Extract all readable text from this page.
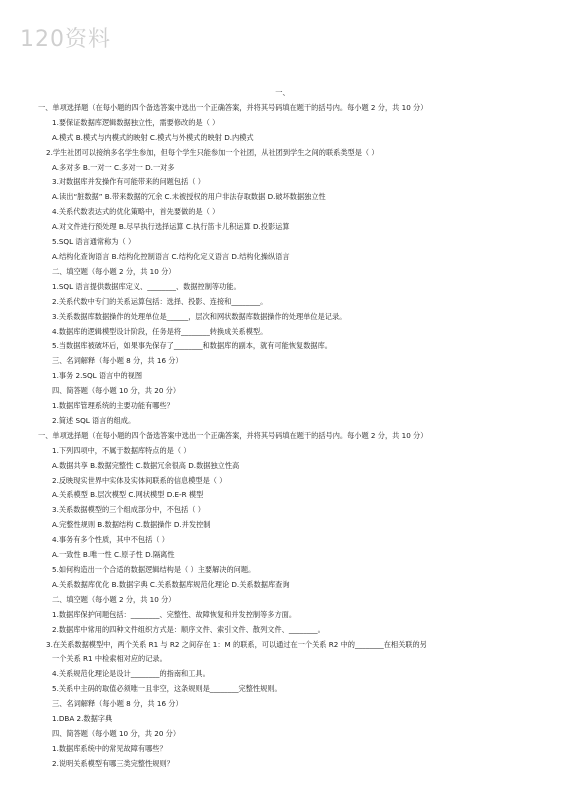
120资料
一、
一、单项选择题（在每小题的四个备选答案中选出一个正确答案，并将其号码填在题干的括号内。每小题 2 分，共 10 分）
1.要保证数据库逻辑数据独立性，需要修改的是（ ）
A.模式 B.模式与内模式的映射 C.模式与外模式的映射 D.内模式
2.学生社团可以接纳多名学生参加，但每个学生只能参加一个社团，从社团到学生之间的联系类型是（ ）
A.多对多 B.一对一 C.多对一 D.一对多
3.对数据库并发操作有可能带来的问题包括（ ）
A.读出“脏数据” B.带来数据的冗余 C.未被授权的用户非法存取数据 D.破坏数据独立性
4.关系代数表达式的优化策略中，首先要做的是（ ）
A.对文件进行预处理 B.尽早执行选择运算 C.执行笛卡儿积运算 D.投影运算
5.SQL 语言通常称为（ ）
A.结构化查询语言 B.结构化控制语言 C.结构化定义语言 D.结构化操纵语言
二、填空题（每小题 2 分，共 10 分）
1.SQL 语言提供数据库定义、________、数据控制等功能。
2.关系代数中专门的关系运算包括：选择、投影、连接和________。
3.关系数据库数据操作的处理单位是______，层次和网状数据库数据操作的处理单位是记录。
4.数据库的逻辑模型设计阶段，任务是将________转换成关系模型。
5.当数据库被破坏后，如果事先保存了________和数据库的副本，就有可能恢复数据库。
三、名词解释（每小题 8 分，共 16 分）
1.事务 2.SQL 语言中的视图
四、简答题（每小题 10 分，共 20 分）
1.数据库管理系统的主要功能有哪些？
2.简述 SQL 语言的组成。
一、单项选择题（在每小题的四个备选答案中选出一个正确答案，并将其号码填在题干的括号内。每小题 2 分，共 10 分）
1.下列四项中，不属于数据库特点的是（ ）
A.数据共享 B.数据完整性 C.数据冗余很高 D.数据独立性高
2.反映现实世界中实体及实体间联系的信息模型是（ ）
A.关系模型 B.层次模型 C.网状模型 D.E-R 模型
3.关系数据模型的三个组成部分中，不包括（ ）
A.完整性规则 B.数据结构 C.数据操作 D.并发控制
4.事务有多个性质，其中不包括（ ）
A.一致性 B.唯一性 C.原子性 D.隔离性
5.如何构造出一个合适的数据逻辑结构是（ ）主要解决的问题。
A.关系数据库优化 B.数据字典 C.关系数据库规范化理论 D.关系数据库查询
二、填空题（每小题 2 分，共 10 分）
1.数据库保护问题包括：________、完整性、故障恢复和并发控制等多方面。
2.数据库中常用的四种文件组织方式是：顺序文件、索引文件、散列文件、________。
3.在关系数据模型中，两个关系 R1 与 R2 之间存在 1：M 的联系，可以通过在一个关系 R2 中的________在相关联的另
一个关系 R1 中检索相对应的记录。
4.关系规范化理论是设计________的指南和工具。
5.关系中主码的取值必须唯一且非空，这条规则是________完整性规则。
三、名词解释（每小题 8 分，共 16 分）
1.DBA 2.数据字典
四、简答题（每小题 10 分，共 20 分）
1.数据库系统中的常见故障有哪些？
2.说明关系模型有哪三类完整性规则？
